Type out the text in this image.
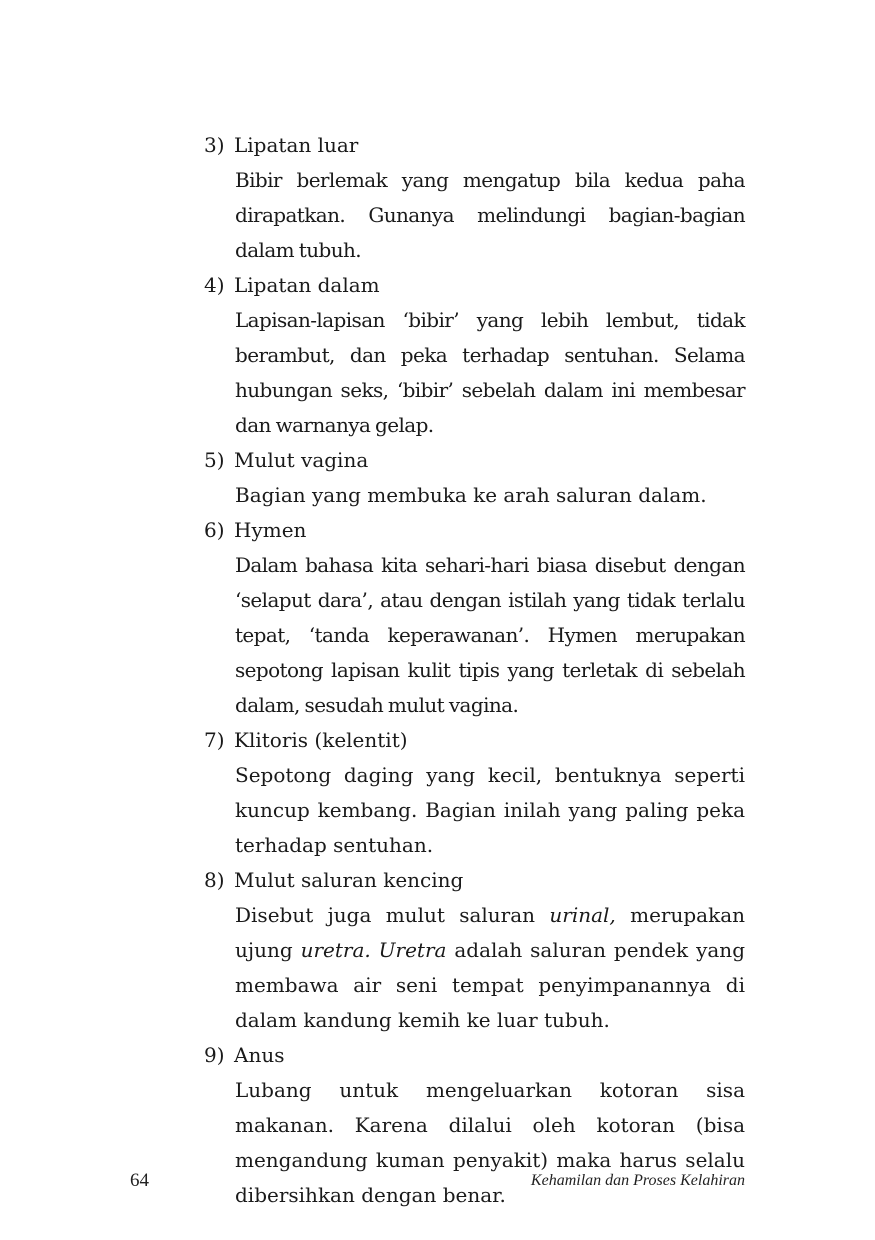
3) Lipatan luar

Bibir berlemak yang mengatup bila kedua paha dirapatkan. Gunanya melindungi bagian-bagian dalam tubuh.

4) Lipatan dalam

Lapisan-lapisan ‘bibir’ yang lebih lembut, tidak berambut, dan peka terhadap sentuhan. Selama hubungan seks, ‘bibir’ sebelah dalam ini membesar dan warnanya gelap.

5) Mulut vagina

Bagian yang membuka ke arah saluran dalam.

6) Hymen

Dalam bahasa kita sehari-hari biasa disebut dengan ‘selaput dara’, atau dengan istilah yang tidak terlalu tepat, ‘tanda keperawanan’. Hymen merupakan sepotong lapisan kulit tipis yang terletak di sebelah dalam, sesudah mulut vagina.

7) Klitoris (kelentit)

Sepotong daging yang kecil, bentuknya seperti kuncup kembang. Bagian inilah yang paling peka terhadap sentuhan.

8) Mulut saluran kencing

Disebut juga mulut saluran urinal, merupakan ujung uretra. Uretra adalah saluran pendek yang membawa air seni tempat penyimpanannya di dalam kandung kemih ke luar tubuh.

9) Anus

Lubang untuk mengeluarkan kotoran sisa makanan. Karena dilalui oleh kotoran (bisa mengandung kuman penyakit) maka harus selalu dibersihkan dengan benar.

64	Kehamilan dan Proses Kelahiran
